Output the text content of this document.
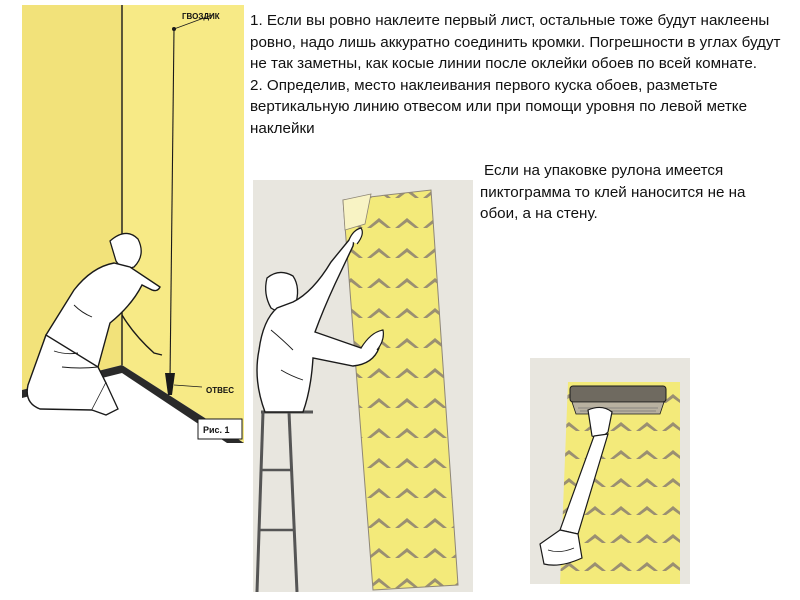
1. Если вы ровно наклеите первый лист, остальные тоже будут наклеены ровно, надо лишь аккуратно соединить кромки. Погрешности в углах будут не так заметны, как косые линии после оклейки обоев по всей комнате.

2. Определив, место наклеивания первого куска обоев, разметьте вертикальную линию отвесом или при помощи уровня по левой метке наклейки

Если на упаковке рулона имеется пиктограмма то клей наносится не на обои, а на стену.

ГВОЗДИК
ОТВЕС
Рис. 1
